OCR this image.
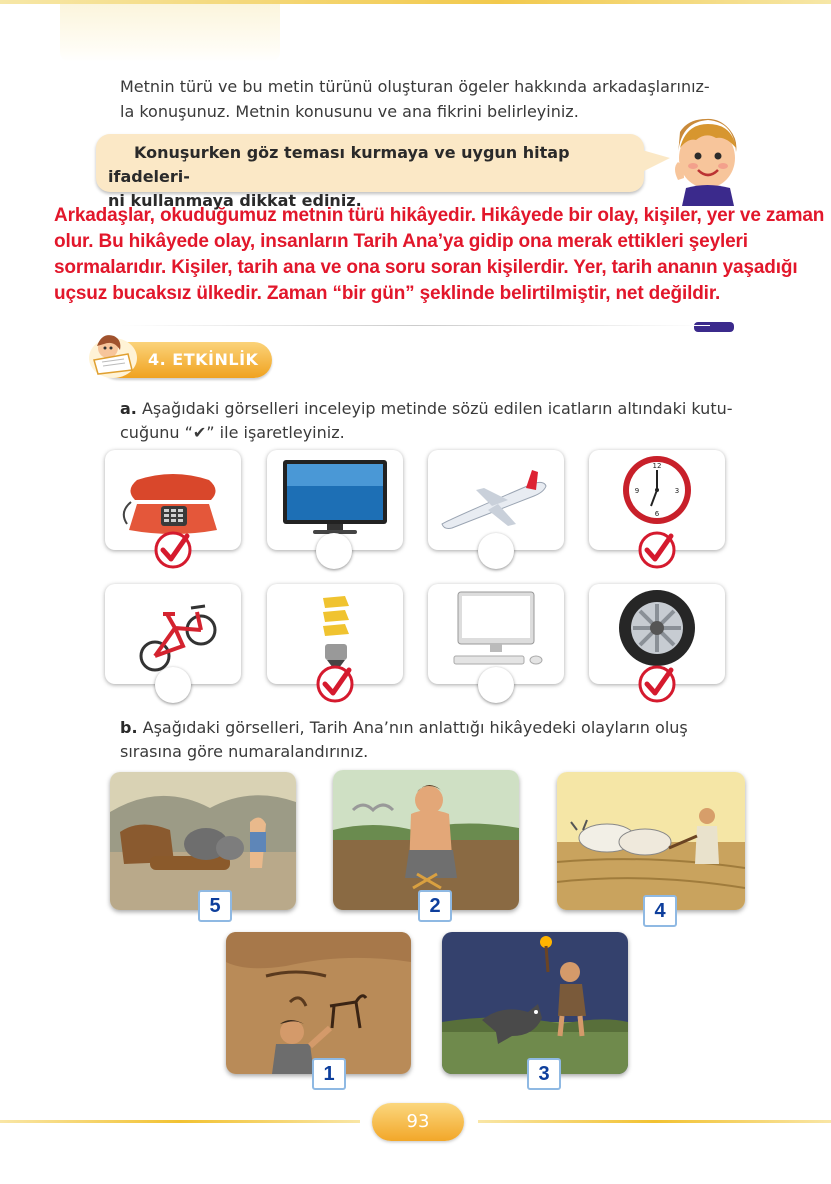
Metnin türü ve bu metin türünü oluşturan ögeler hakkında arkadaşlarınız-
la konuşunuz. Metnin konusunu ve ana fikrini belirleyiniz.
Konuşurken göz teması kurmaya ve uygun hitap ifadeleri-
ni kullanmaya dikkat ediniz.
Arkadaşlar, okuduğumuz metnin türü hikâyedir. Hikâyede bir olay, kişiler, yer ve zaman
olur. Bu hikâyede olay, insanların Tarih Ana’ya gidip ona merak ettikleri şeyleri
sormalarıdır. Kişiler, tarih ana ve ona soru soran kişilerdir. Yer, tarih ananın yaşadığı
uçsuz bucaksız ülkedir. Zaman “bir gün” şeklinde belirtilmiştir, net değildir.
4. ETKİNLİK
a. Aşağıdaki görselleri inceleyip metinde sözü edilen icatların altındaki kutu-
cuğunu “✔” ile işaretleyiniz.
12
3
6
9
b. Aşağıdaki görselleri, Tarih Ana’nın anlattığı hikâyedeki olayların oluş
sırasına göre numaralandırınız.
5	2	4
1	3
93
